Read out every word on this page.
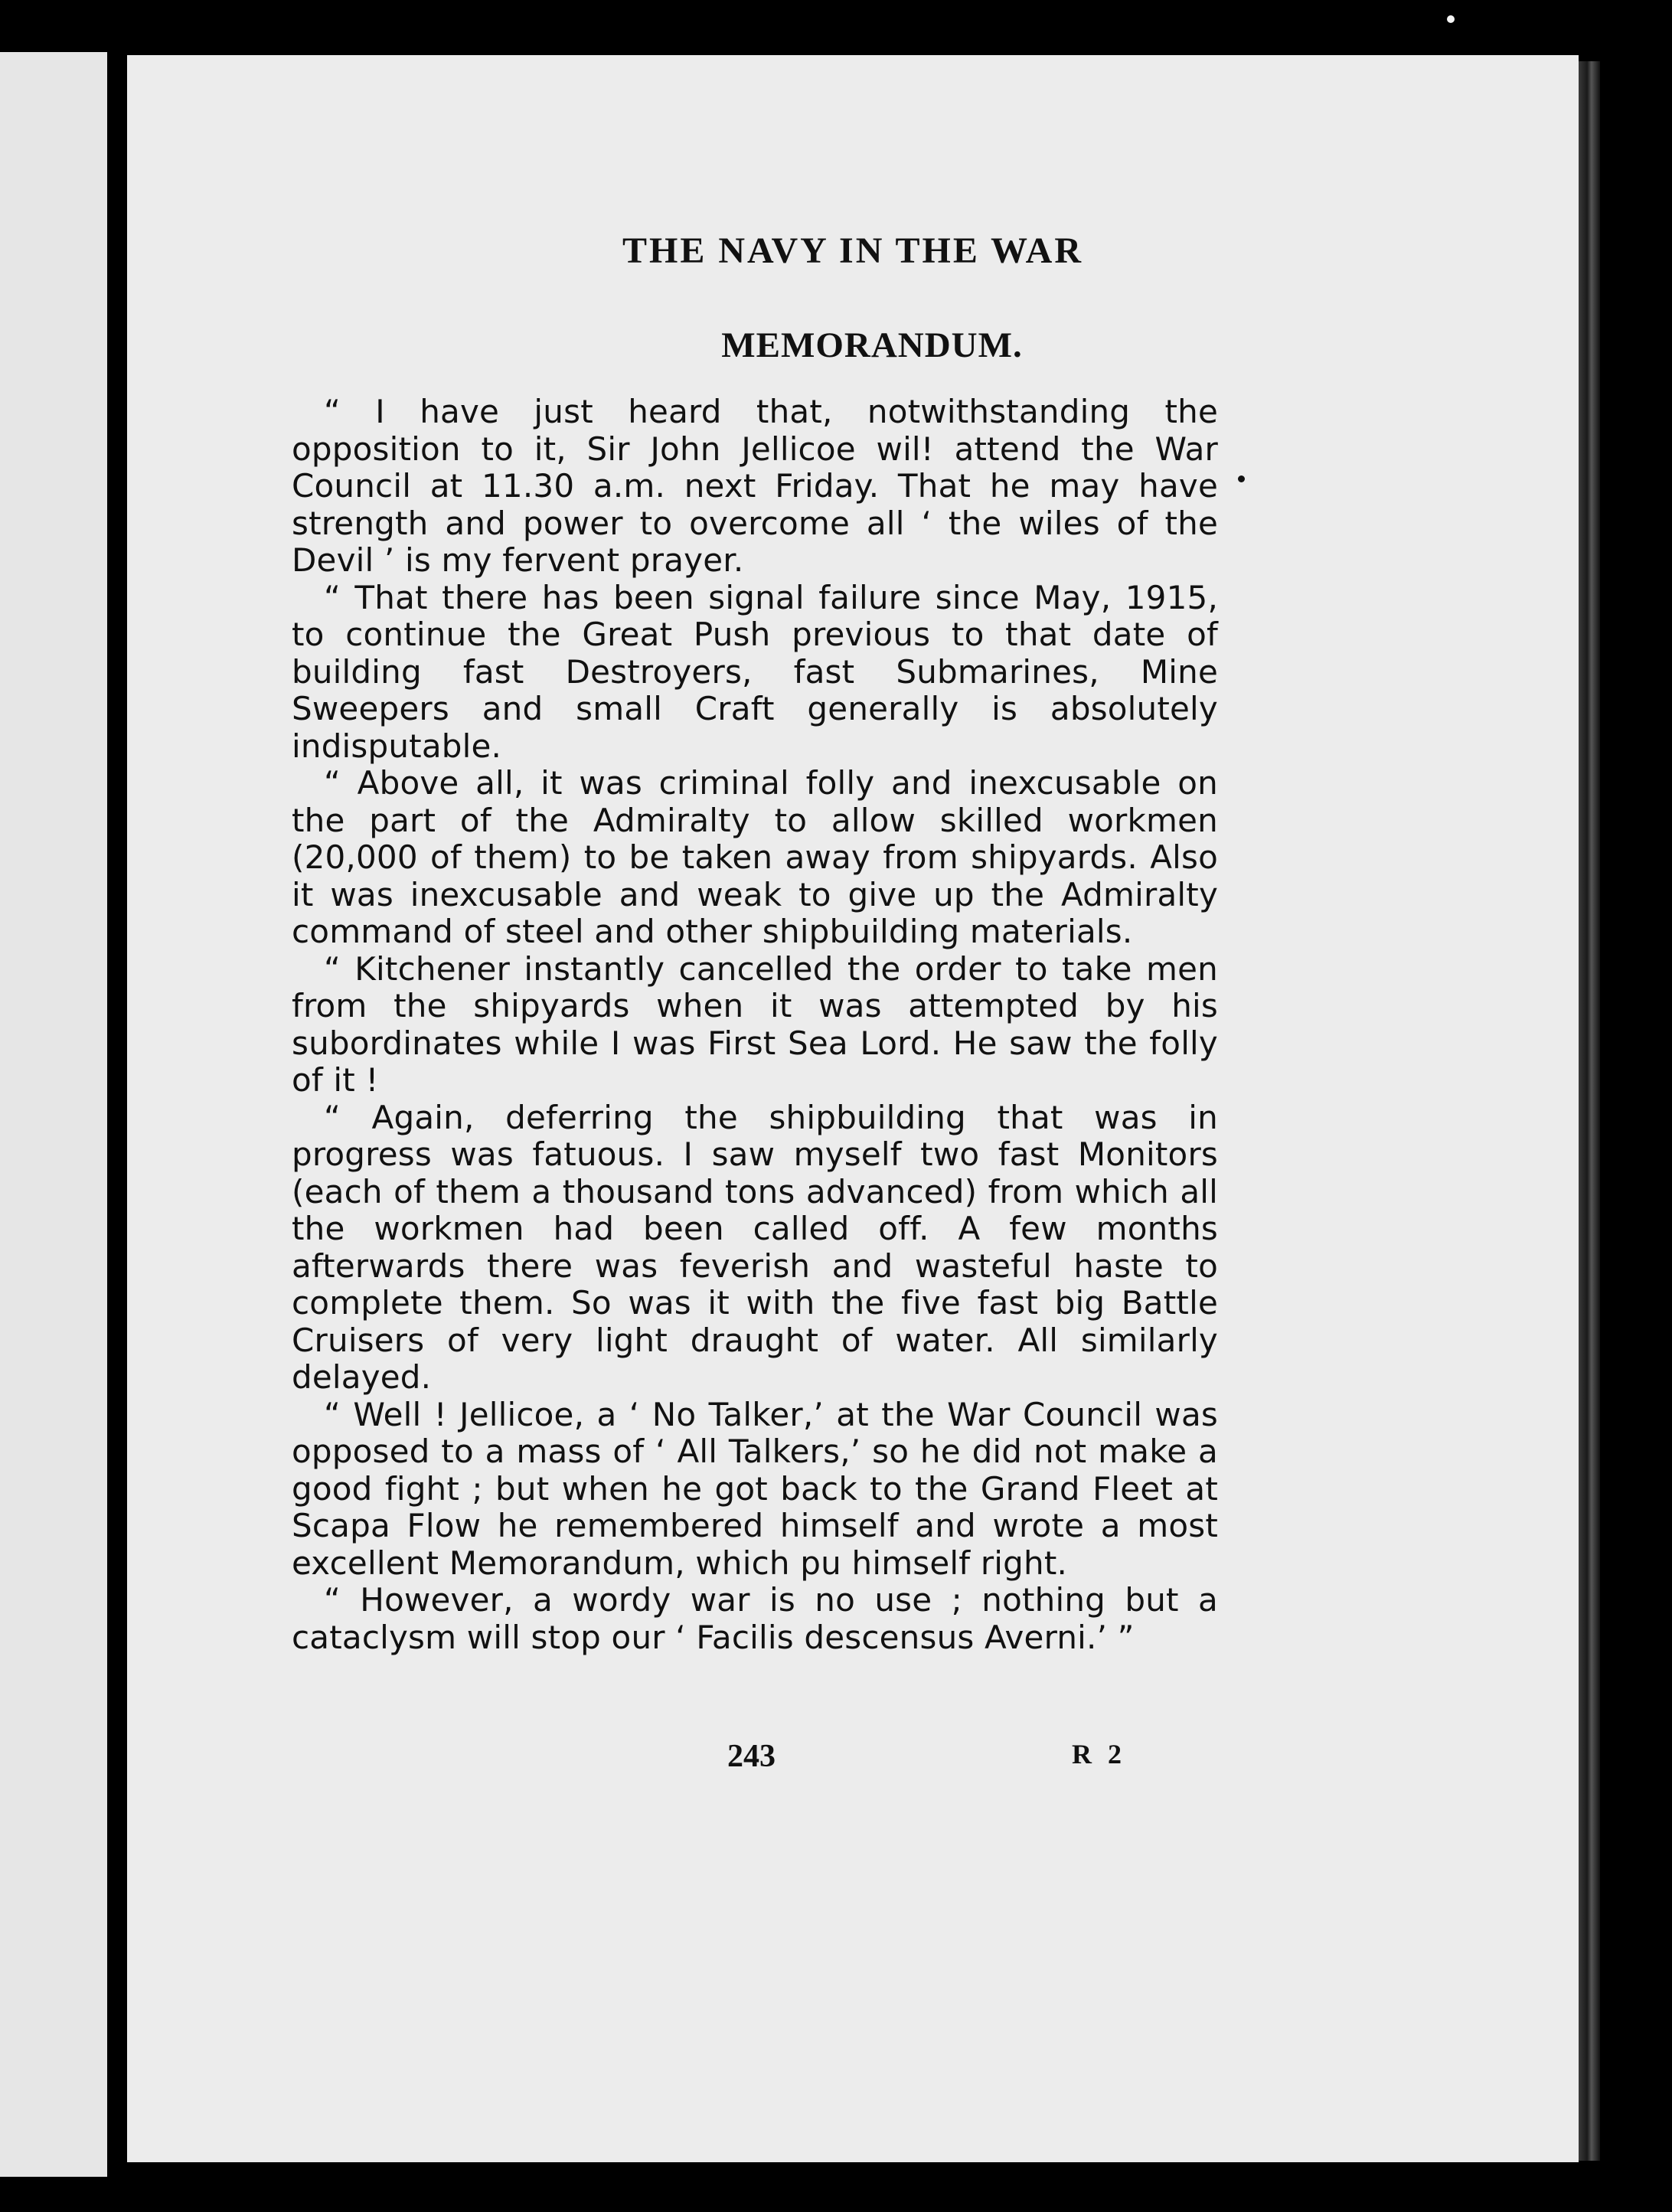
THE NAVY IN THE WAR
MEMORANDUM.

“ I have just heard that, notwithstanding the opposition to it, Sir John Jellicoe wil! attend the War Council at 11.30 a.m. next Friday. That he may have strength and power to overcome all ‘ the wiles of the Devil ’ is my fervent prayer.

“ That there has been signal failure since May, 1915, to continue the Great Push previous to that date of building fast Destroyers, fast Submarines, Mine Sweepers and small Craft generally is absolutely indisputable.

“ Above all, it was criminal folly and inexcusable on the part of the Admiralty to allow skilled workmen (20,000 of them) to be taken away from shipyards. Also it was inexcusable and weak to give up the Admiralty command of steel and other shipbuilding materials.

“ Kitchener instantly cancelled the order to take men from the shipyards when it was attempted by his subordinates while I was First Sea Lord. He saw the folly of it !

“ Again, deferring the shipbuilding that was in progress was fatuous. I saw myself two fast Monitors (each of them a thousand tons advanced) from which all the workmen had been called off. A few months afterwards there was feverish and wasteful haste to complete them. So was it with the five fast big Battle Cruisers of very light draught of water. All similarly delayed.

“ Well ! Jellicoe, a ‘ No Talker,’ at the War Council was opposed to a mass of ‘ All Talkers,’ so he did not make a good fight ; but when he got back to the Grand Fleet at Scapa Flow he remembered himself and wrote a most excellent Memorandum, which pu himself right.

“ However, a wordy war is no use ; nothing but a cataclysm will stop our ‘ Facilis descensus Averni.’ ”

243	R 2
